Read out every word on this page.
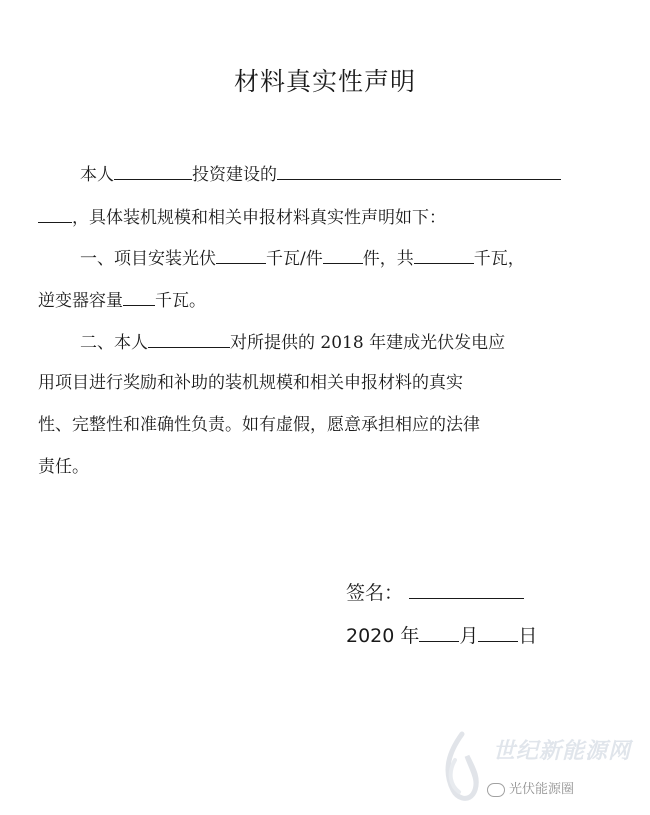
材料真实性声明
本人	投资建设的
，具体装机规模和相关申报材料真实性声明如下：
一、项目安装光伏	千瓦/件 件，共	千瓦，
逆变器容量 千瓦。
二、本人	对所提供的 2018 年建成光伏发电应
用项目进行奖励和补助的装机规模和相关申报材料的真实
性、完整性和准确性负责。如有虚假，愿意承担相应的法律
责任。
签名：
2020 年 月 日
世纪新能源网
光伏能源圈
